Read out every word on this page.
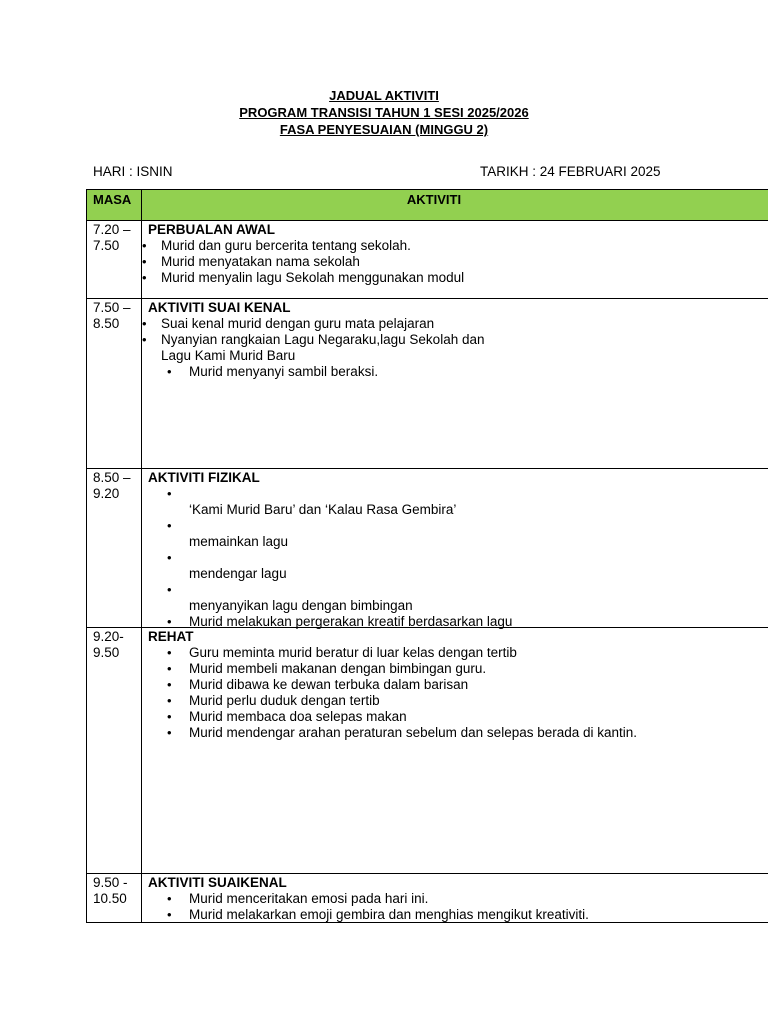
JADUAL AKTIVITI
PROGRAM TRANSISI TAHUN 1 SESI 2025/2026
FASA PENYESUAIAN (MINGGU 2)
HARI : ISNIN	TARIKH : 24 FEBRUARI 2025
MASA	AKTIVITI
7.20 –
7.50
PERBUALAN AWAL
• Murid dan guru bercerita tentang sekolah.
• Murid menyatakan nama sekolah
• Murid menyalin lagu Sekolah menggunakan modul
7.50 –
8.50
AKTIVITI SUAI KENAL
• Suai kenal murid dengan guru mata pelajaran
• Nyanyian rangkaian Lagu Negaraku,lagu Sekolah dan
Lagu Kami Murid Baru
• Murid menyanyi sambil beraksi.
8.50 –
9.20
AKTIVITI FIZIKAL
• ‘Kami Murid Baru’ dan ‘Kalau Rasa Gembira’
• memainkan lagu
• mendengar lagu
• menyanyikan lagu dengan bimbingan
• Murid melakukan pergerakan kreatif berdasarkan lagu
9.20-
9.50
REHAT
• Guru meminta murid beratur di luar kelas dengan tertib
• Murid membeli makanan dengan bimbingan guru.
• Murid dibawa ke dewan terbuka dalam barisan
• Murid perlu duduk dengan tertib
• Murid membaca doa selepas makan
• Murid mendengar arahan peraturan sebelum dan selepas berada di kantin.
9.50 -
10.50
AKTIVITI SUAIKENAL
• Murid menceritakan emosi pada hari ini.
• Murid melakarkan emoji gembira dan menghias mengikut kreativiti.
